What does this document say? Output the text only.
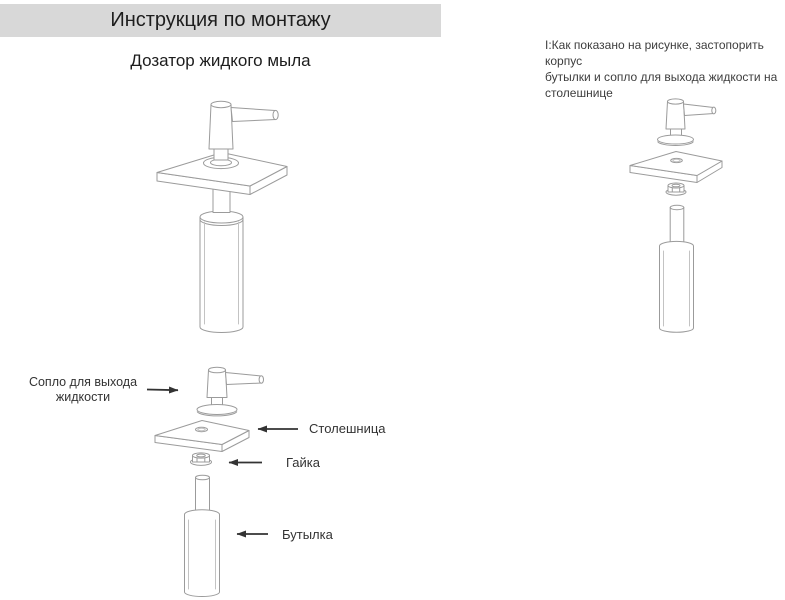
Инструкция по монтажу
Дозатор жидкого мыла
I:Как показано на рисунке, застопорить корпус
бутылки и сопло для выхода жидкости на
столешнице
Сопло для выхода
жидкости
Столешница
Гайка
Бутылка
